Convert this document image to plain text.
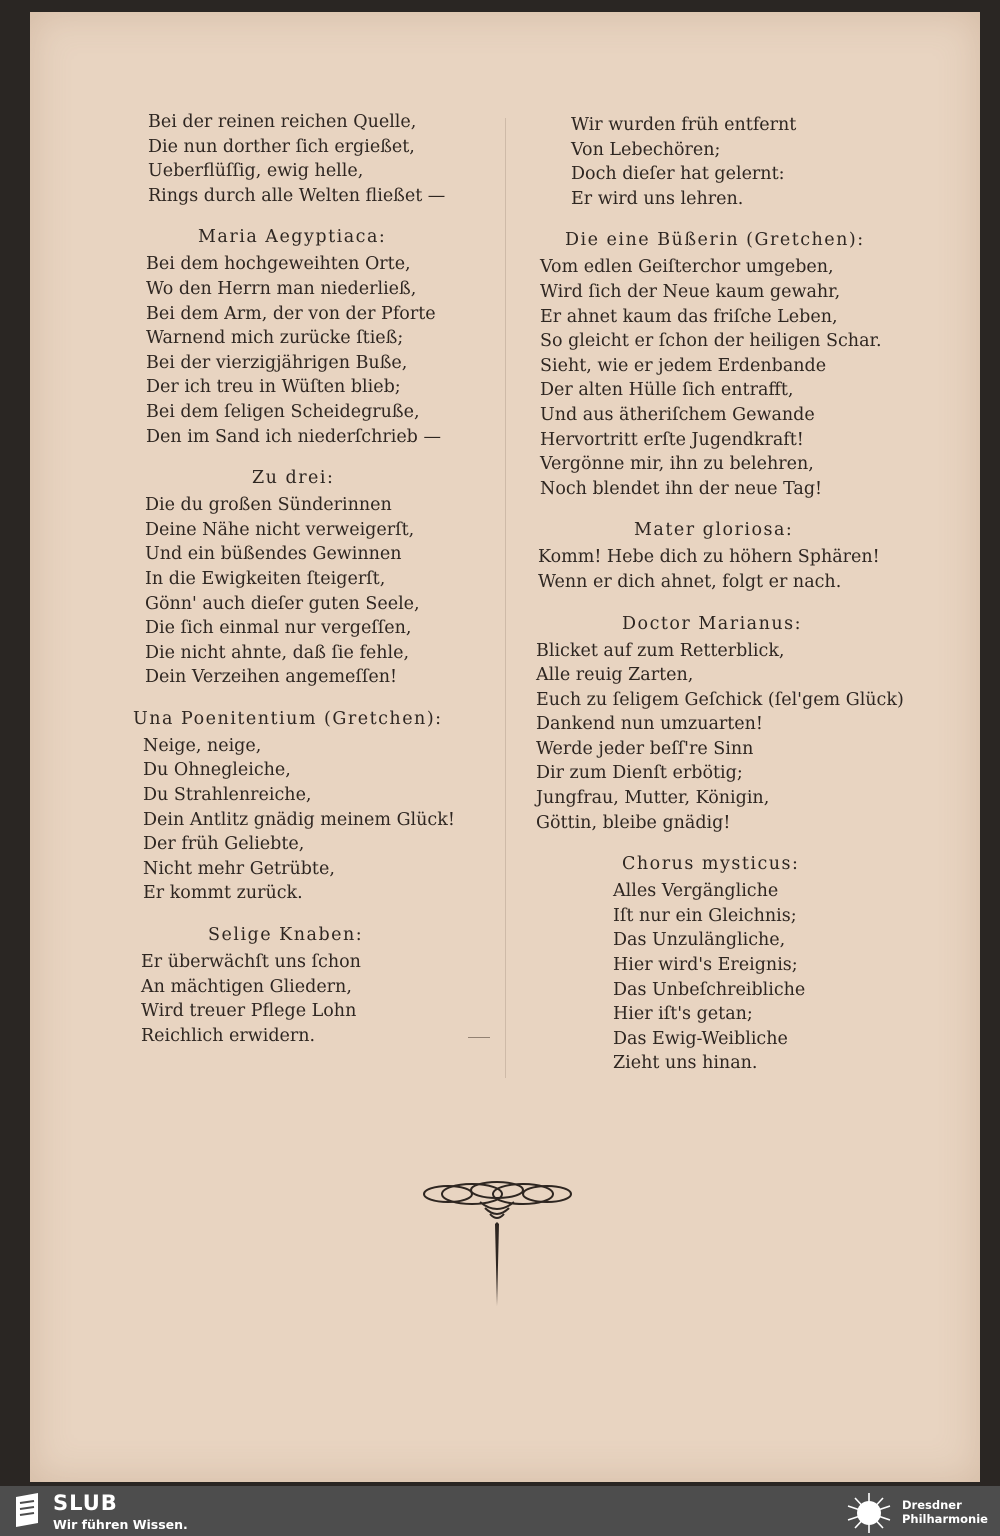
Bei der reinen reichen Quelle,
Die nun dorther ſich ergießet,
Ueberflüſſig, ewig helle,
Rings durch alle Welten fließet —
Maria Aegyptiaca:
Bei dem hochgeweihten Orte,
Wo den Herrn man niederließ,
Bei dem Arm, der von der Pforte
Warnend mich zurücke ſtieß;
Bei der vierzigjährigen Buße,
Der ich treu in Wüſten blieb;
Bei dem ſeligen Scheidegruße,
Den im Sand ich niederſchrieb —
Zu drei:
Die du großen Sünderinnen
Deine Nähe nicht verweigerſt,
Und ein büßendes Gewinnen
In die Ewigkeiten ſteigerſt,
Gönn' auch dieſer guten Seele,
Die ſich einmal nur vergeſſen,
Die nicht ahnte, daß ſie fehle,
Dein Verzeihen angemeſſen!
Una Poenitentium (Gretchen):
Neige, neige,
Du Ohnegleiche,
Du Strahlenreiche,
Dein Antlitz gnädig meinem Glück!
Der früh Geliebte,
Nicht mehr Getrübte,
Er kommt zurück.
Selige Knaben:
Er überwächſt uns ſchon
An mächtigen Gliedern,
Wird treuer Pflege Lohn
Reichlich erwidern.
Wir wurden früh entfernt
Von Lebechören;
Doch dieſer hat gelernt:
Er wird uns lehren.
Die eine Büßerin (Gretchen):
Vom edlen Geiſterchor umgeben,
Wird ſich der Neue kaum gewahr,
Er ahnet kaum das friſche Leben,
So gleicht er ſchon der heiligen Schar.
Sieht, wie er jedem Erdenbande
Der alten Hülle ſich entrafft,
Und aus ätheriſchem Gewande
Hervortritt erſte Jugendkraft!
Vergönne mir, ihn zu belehren,
Noch blendet ihn der neue Tag!
Mater gloriosa:
Komm! Hebe dich zu höhern Sphären!
Wenn er dich ahnet, folgt er nach.
Doctor Marianus:
Blicket auf zum Retterblick,
Alle reuig Zarten,
Euch zu ſeligem Geſchick (ſel'gem Glück)
Dankend nun umzuarten!
Werde jeder beſſ're Sinn
Dir zum Dienſt erbötig;
Jungfrau, Mutter, Königin,
Göttin, bleibe gnädig!
Chorus mysticus:
Alles Vergängliche
Iſt nur ein Gleichnis;
Das Unzulängliche,
Hier wird's Ereignis;
Das Unbeſchreibliche
Hier iſt's getan;
Das Ewig-Weibliche
Zieht uns hinan.
SLUB
Wir führen Wissen.
Dresdner
Philharmonie
